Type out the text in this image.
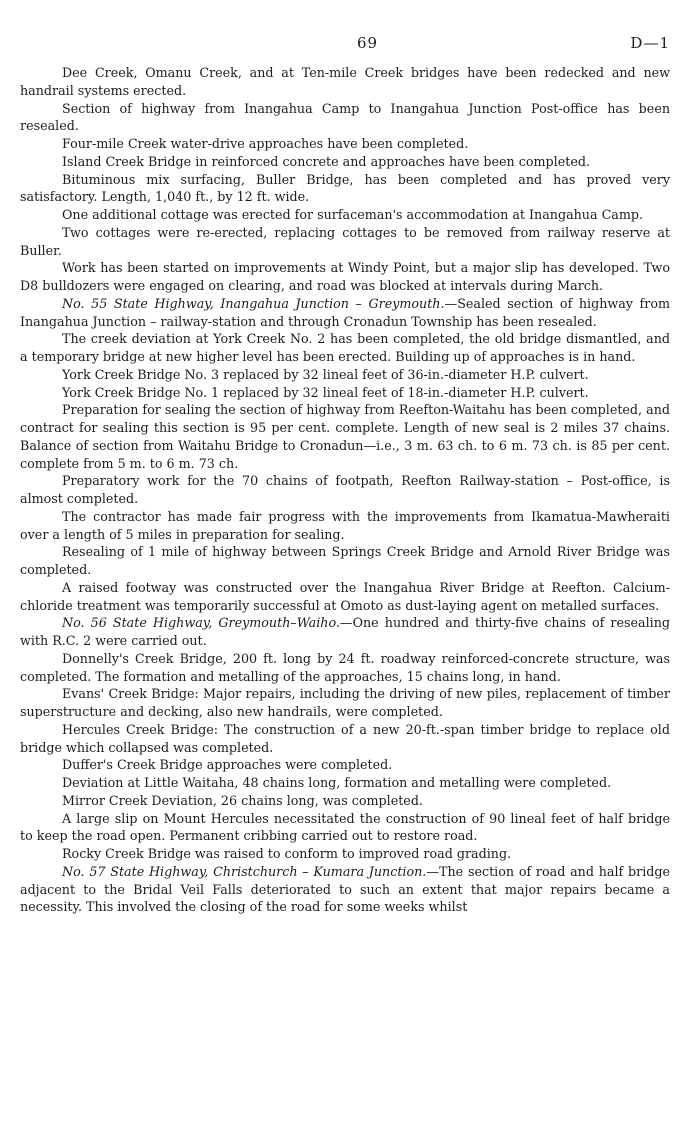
69	D—1

Dee Creek, Omanu Creek, and at Ten-mile Creek bridges have been redecked and new handrail systems erected.

Section of highway from Inangahua Camp to Inangahua Junction Post-office has been resealed.

Four-mile Creek water-drive approaches have been completed.

Island Creek Bridge in reinforced concrete and approaches have been completed.

Bituminous mix surfacing, Buller Bridge, has been completed and has proved very satisfactory. Length, 1,040 ft., by 12 ft. wide.

One additional cottage was erected for surfaceman's accommodation at Inangahua Camp.

Two cottages were re-erected, replacing cottages to be removed from railway reserve at Buller.

Work has been started on improvements at Windy Point, but a major slip has developed. Two D8 bulldozers were engaged on clearing, and road was blocked at intervals during March.

No. 55 State Highway, Inangahua Junction – Greymouth.—Sealed section of highway from Inangahua Junction – railway-station and through Cronadun Township has been resealed.

The creek deviation at York Creek No. 2 has been completed, the old bridge dismantled, and a temporary bridge at new higher level has been erected. Building up of approaches is in hand.

York Creek Bridge No. 3 replaced by 32 lineal feet of 36-in.-diameter H.P. culvert.

York Creek Bridge No. 1 replaced by 32 lineal feet of 18-in.-diameter H.P. culvert.

Preparation for sealing the section of highway from Reefton-Waitahu has been completed, and contract for sealing this section is 95 per cent. complete. Length of new seal is 2 miles 37 chains. Balance of section from Waitahu Bridge to Cronadun—i.e., 3 m. 63 ch. to 6 m. 73 ch. is 85 per cent. complete from 5 m. to 6 m. 73 ch.

Preparatory work for the 70 chains of footpath, Reefton Railway-station – Post-office, is almost completed.

The contractor has made fair progress with the improvements from Ikamatua-Mawheraiti over a length of 5 miles in preparation for sealing.

Resealing of 1 mile of highway between Springs Creek Bridge and Arnold River Bridge was completed.

A raised footway was constructed over the Inangahua River Bridge at Reefton. Calcium-chloride treatment was temporarily successful at Omoto as dust-laying agent on metalled surfaces.

No. 56 State Highway, Greymouth–Waiho.—One hundred and thirty-five chains of resealing with R.C. 2 were carried out.

Donnelly's Creek Bridge, 200 ft. long by 24 ft. roadway reinforced-concrete structure, was completed. The formation and metalling of the approaches, 15 chains long, in hand.

Evans' Creek Bridge: Major repairs, including the driving of new piles, replacement of timber superstructure and decking, also new handrails, were completed.

Hercules Creek Bridge: The construction of a new 20-ft.-span timber bridge to replace old bridge which collapsed was completed.

Duffer's Creek Bridge approaches were completed.

Deviation at Little Waitaha, 48 chains long, formation and metalling were completed.

Mirror Creek Deviation, 26 chains long, was completed.

A large slip on Mount Hercules necessitated the construction of 90 lineal feet of half bridge to keep the road open. Permanent cribbing carried out to restore road.

Rocky Creek Bridge was raised to conform to improved road grading.

No. 57 State Highway, Christchurch – Kumara Junction.—The section of road and half bridge adjacent to the Bridal Veil Falls deteriorated to such an extent that major repairs became a necessity. This involved the closing of the road for some weeks whilst
